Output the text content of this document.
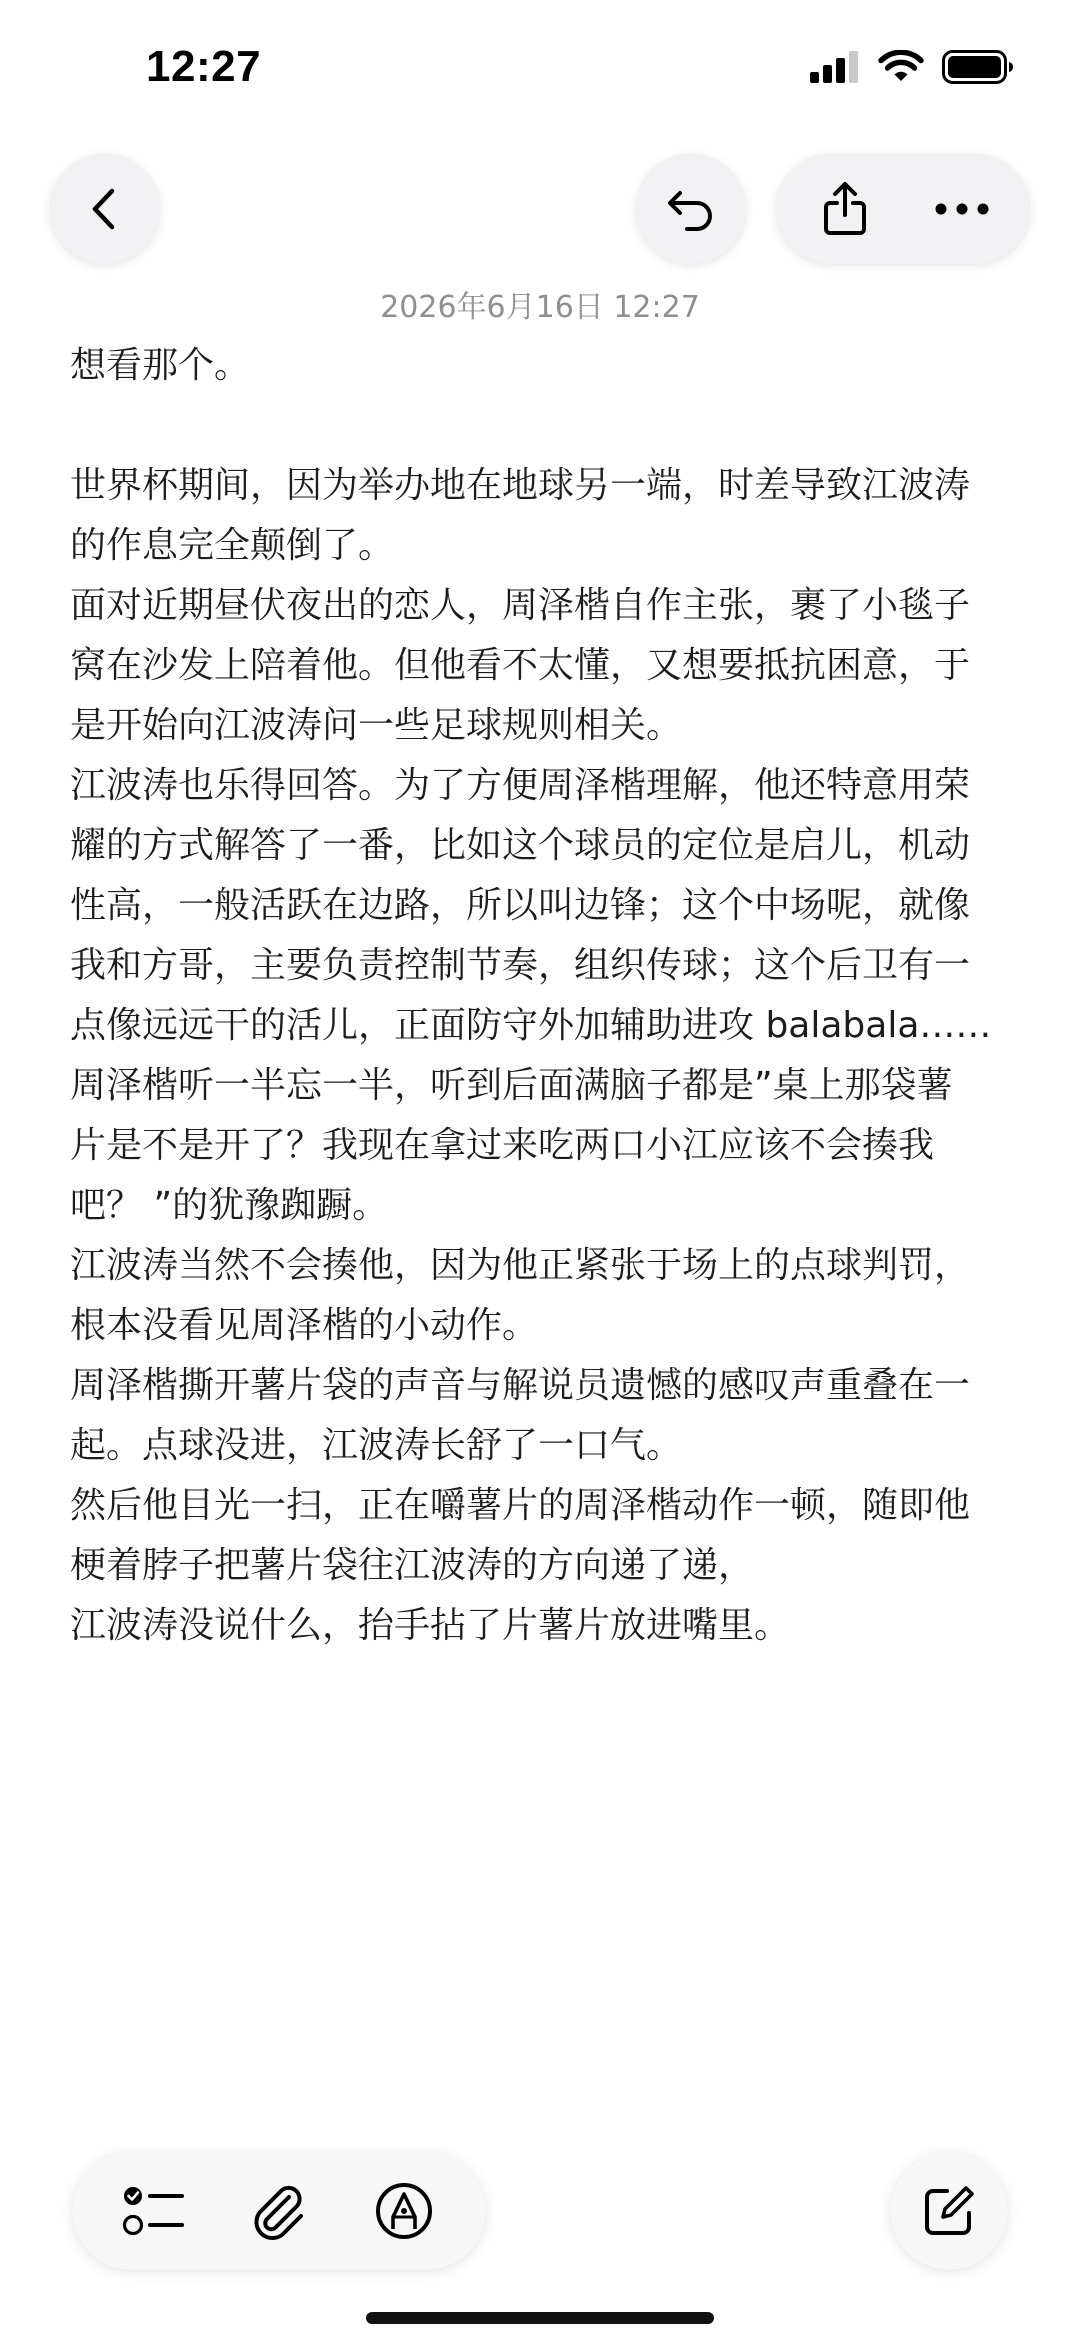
12:27
2026年6月16日 12:27
想看那个。
世界杯期间，因为举办地在地球另一端，时差导致江波涛
的作息完全颠倒了。
面对近期昼伏夜出的恋人，周泽楷自作主张，裹了小毯子
窝在沙发上陪着他。但他看不太懂，又想要抵抗困意，于
是开始向江波涛问一些足球规则相关。
江波涛也乐得回答。为了方便周泽楷理解，他还特意用荣
耀的方式解答了一番，比如这个球员的定位是启儿，机动
性高，一般活跃在边路，所以叫边锋；这个中场呢，就像
我和方哥，主要负责控制节奏，组织传球；这个后卫有一
点像远远干的活儿，正面防守外加辅助进攻 balabala……
周泽楷听一半忘一半，听到后面满脑子都是”桌上那袋薯
片是不是开了？我现在拿过来吃两口小江应该不会揍我
吧？ ”的犹豫踟蹰。
江波涛当然不会揍他，因为他正紧张于场上的点球判罚，
根本没看见周泽楷的小动作。
周泽楷撕开薯片袋的声音与解说员遗憾的感叹声重叠在一
起。点球没进，江波涛长舒了一口气。
然后他目光一扫，正在嚼薯片的周泽楷动作一顿，随即他
梗着脖子把薯片袋往江波涛的方向递了递，
江波涛没说什么，抬手拈了片薯片放进嘴里。
